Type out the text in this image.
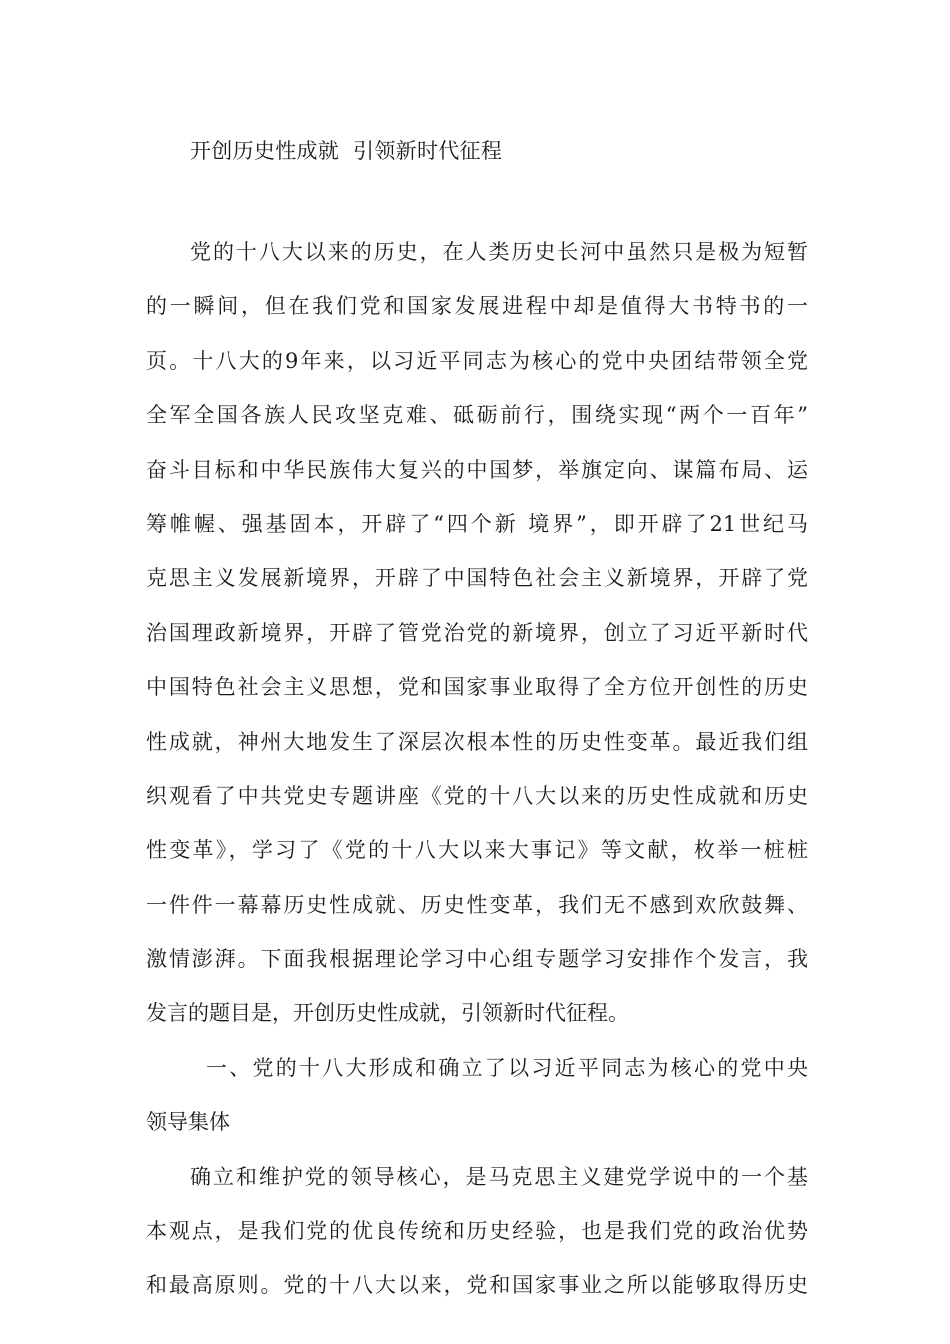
开创历史性成就  引领新时代征程
党的十八大以来的历史，在人类历史长河中虽然只是极为短暂
的一瞬间，但在我们党和国家发展进程中却是值得大书特书的一
页。十八大的9年来，以习近平同志为核心的党中央团结带领全党
全军全国各族人民攻坚克难、砥砺前行，围绕实现“两个一百年”
奋斗目标和中华民族伟大复兴的中国梦，举旗定向、谋篇布局、运
筹帷幄、强基固本，开辟了“四个新 境界”，即开辟了21世纪马
克思主义发展新境界，开辟了中国特色社会主义新境界，开辟了党
治国理政新境界，开辟了管党治党的新境界，创立了习近平新时代
中国特色社会主义思想，党和国家事业取得了全方位开创性的历史
性成就，神州大地发生了深层次根本性的历史性变革。最近我们组
织观看了中共党史专题讲座《党的十八大以来的历史性成就和历史
性变革》，学习了《党的十八大以来大事记》等文献，枚举一桩桩
一件件一幕幕历史性成就、历史性变革，我们无不感到欢欣鼓舞、
激情澎湃。下面我根据理论学习中心组专题学习安排作个发言，我
发言的题目是，开创历史性成就，引领新时代征程。
一、党的十八大形成和确立了以习近平同志为核心的党中央
领导集体
确立和维护党的领导核心，是马克思主义建党学说中的一个基
本观点，是我们党的优良传统和历史经验，也是我们党的政治优势
和最高原则。党的十八大以来，党和国家事业之所以能够取得历史
